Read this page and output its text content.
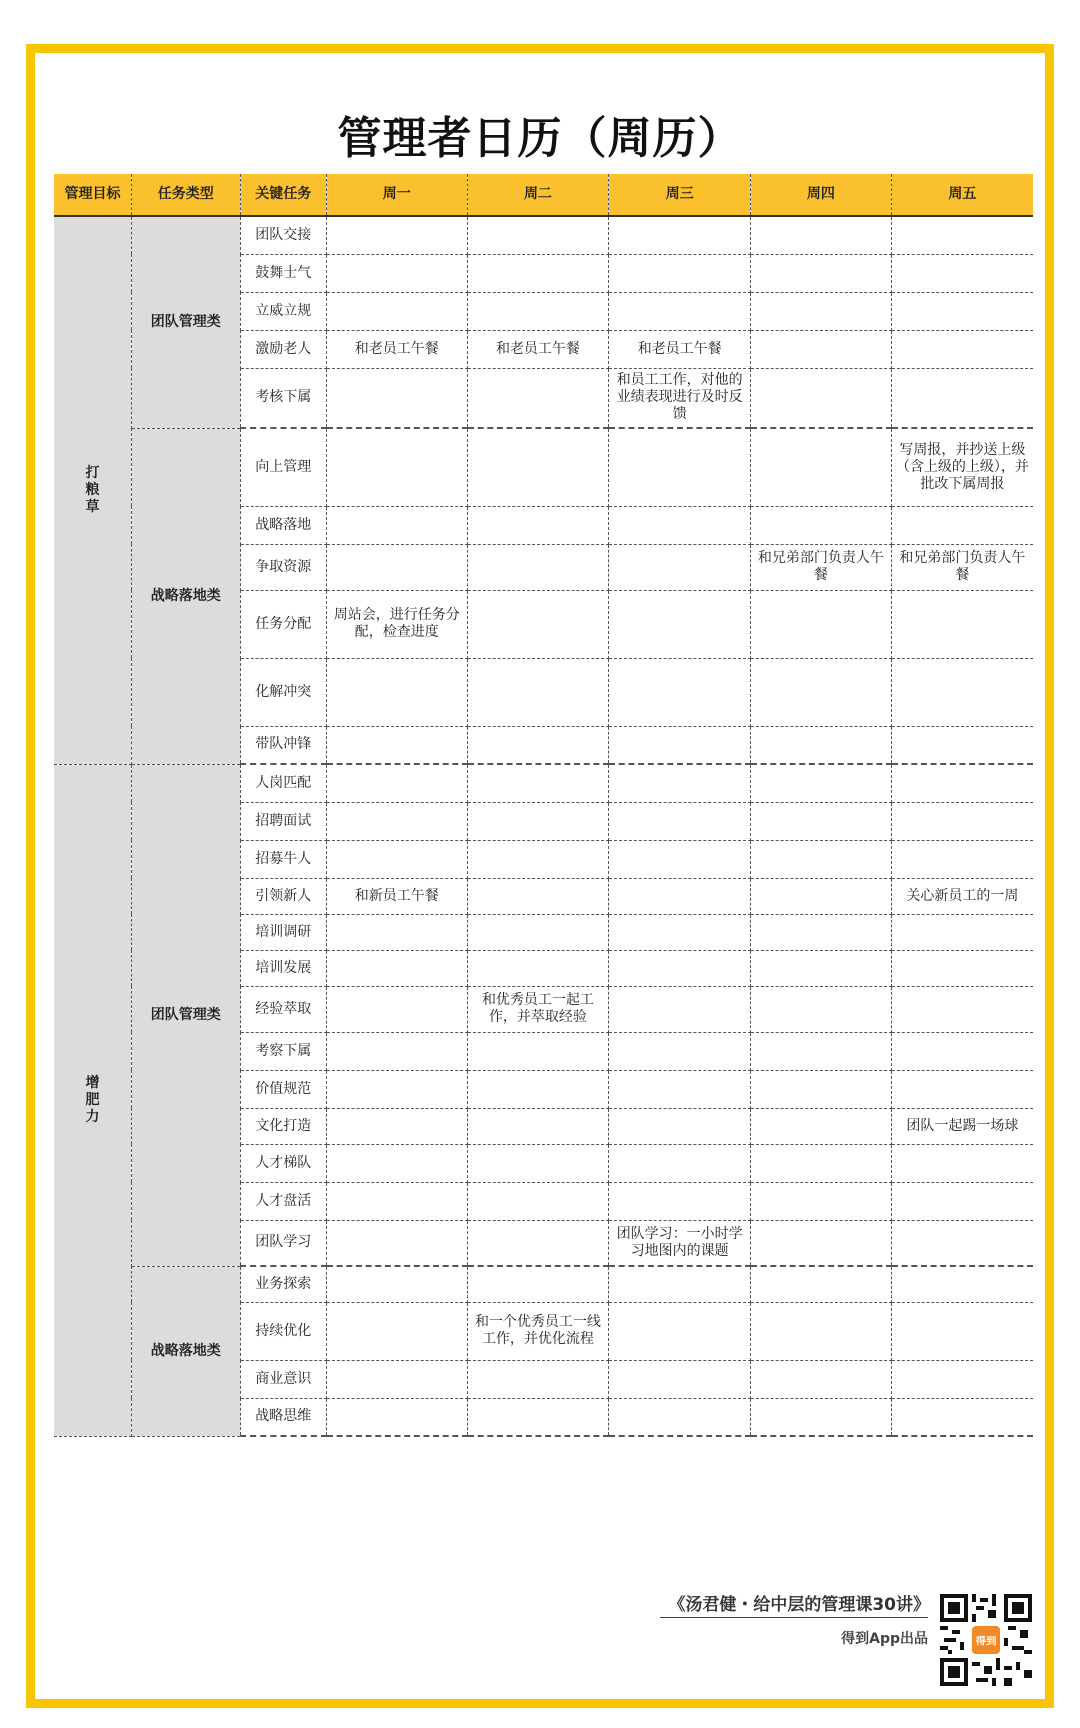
管理者日历（周历）
管理目标	任务类型	关键任务	周一	周二	周三	周四	周五

打
粮
草	团队管理类	团队交接					
		鼓舞士气					
		立威立规					
		激励老人	和老员工午餐	和老员工午餐	和老员工午餐		
		考核下属			和员工工作，对他的业绩表现进行及时反馈		
	战略落地类	向上管理					写周报，并抄送上级（含上级的上级），并批改下属周报
		战略落地					
		争取资源				和兄弟部门负责人午餐	和兄弟部门负责人午餐
		任务分配	周站会，进行任务分配，检查进度				
		化解冲突					
		带队冲锋					

增
肥
力	团队管理类	人岗匹配					
		招聘面试					
		招募牛人					
		引领新人	和新员工午餐				关心新员工的一周
		培训调研					
		培训发展					
		经验萃取		和优秀员工一起工作，并萃取经验			
		考察下属					
		价值规范					
		文化打造					团队一起踢一场球
		人才梯队					
		人才盘活					
		团队学习			团队学习：一小时学习地图内的课题		
	战略落地类	业务探索					
		持续优化		和一个优秀员工一线工作，并优化流程			
		商业意识					
		战略思维					
《汤君健・给中层的管理课30讲》
得到App出品	得到
